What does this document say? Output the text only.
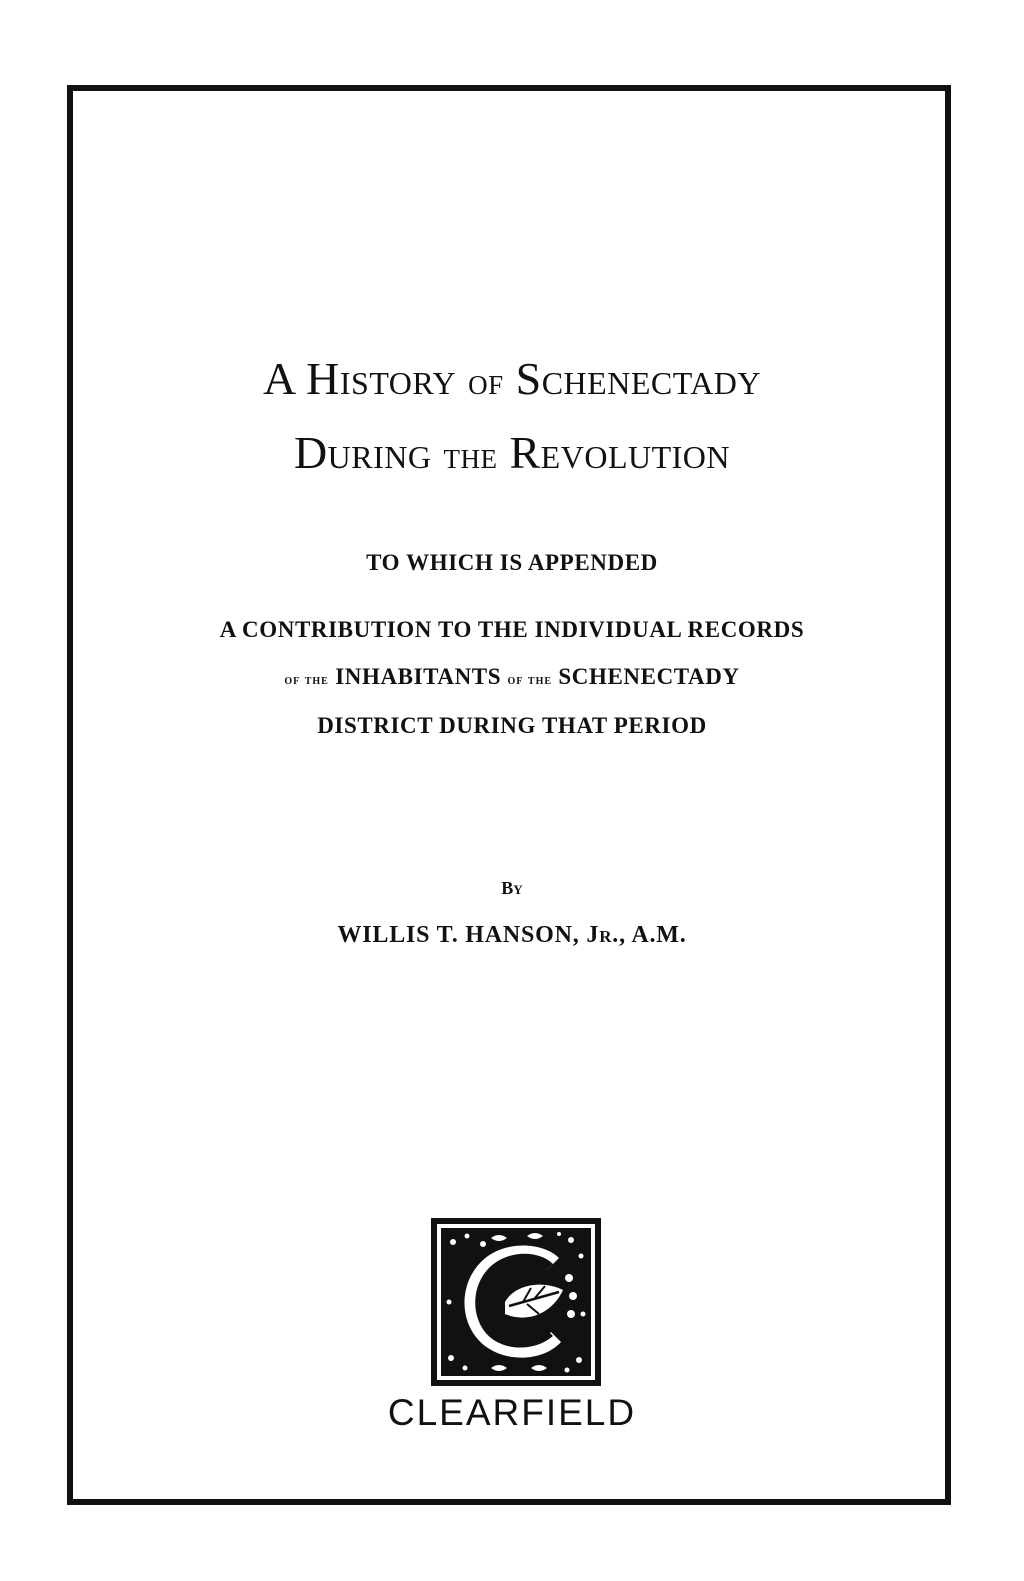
A History of Schenectady
During the Revolution
TO WHICH IS APPENDED
A CONTRIBUTION TO THE INDIVIDUAL RECORDS
of the INHABITANTS of the SCHENECTADY
DISTRICT DURING THAT PERIOD
By
WILLIS T. HANSON, Jr., A.M.
CLEARFIELD
